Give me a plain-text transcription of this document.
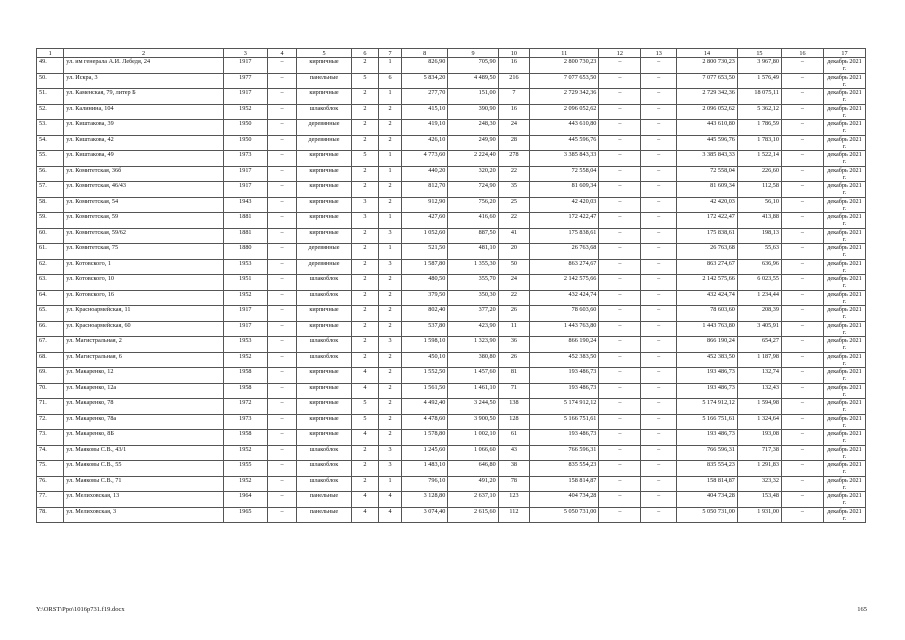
1	2	3	4	5	6	7	8	9	10	11	12	13	14	15	16	17
49.	ул. им генерала А.И. Лебедя, 24	1917	–	кирпичные	2	1	826,90	705,90	16	2 800 730,23	–	–	2 800 730,23	3 967,80	–	декабрь 2021 г.
50.	ул. Искра, 3	1977	–	панельные	5	6	5 834,20	4 489,50	216	7 077 653,50	–	–	7 077 653,50	1 576,49	–	декабрь 2021 г.
51.	ул. Каменская, 79, литер Б	1917	–	кирпичные	2	1	277,70	151,00	7	2 729 342,36	–	–	2 729 342,36	18 075,11	–	декабрь 2021 г.
52.	ул. Калинина, 104	1952	–	шлакоблок	2	2	415,10	390,90	16	2 096 052,62	–	–	2 096 052,62	5 362,12	–	декабрь 2021 г.
53.	ул. Киштакова, 39	1950	–	деревянные	2	2	419,10	248,30	24	443 610,80	–	–	443 610,80	1 786,59	–	декабрь 2021 г.
54.	ул. Киштакова, 42	1950	–	деревянные	2	2	426,10	249,90	28	445 596,76	–	–	445 596,76	1 783,10	–	декабрь 2021 г.
55.	ул. Киштакова, 49	1973	–	кирпичные	5	1	4 773,60	2 224,40	278	3 385 843,33	–	–	3 385 843,33	1 522,14	–	декабрь 2021 г.
56.	ул. Комитетская, 36б	1917	–	кирпичные	2	1	440,20	320,20	22	72 558,04	–	–	72 558,04	226,60	–	декабрь 2021 г.
57.	ул. Комитетская, 46/43	1917	–	кирпичные	2	2	812,70	724,90	35	81 609,34	–	–	81 609,34	112,58	–	декабрь 2021 г.
58.	ул. Комитетская, 54	1943	–	кирпичные	3	2	912,90	756,20	25	42 420,03	–	–	42 420,03	56,10	–	декабрь 2021 г.
59.	ул. Комитетская, 59	1881	–	кирпичные	3	1	427,60	416,60	22	172 422,47	–	–	172 422,47	413,88	–	декабрь 2021 г.
60.	ул. Комитетская, 59/62	1881	–	кирпичные	2	3	1 052,60	887,50	41	175 838,61	–	–	175 838,61	198,13	–	декабрь 2021 г.
61.	ул. Комитетская, 75	1880	–	деревянные	2	1	521,50	481,10	20	26 763,68	–	–	26 763,68	55,63	–	декабрь 2021 г.
62.	ул. Котовского, 1	1953	–	деревянные	2	3	1 587,80	1 355,30	50	863 274,67	–	–	863 274,67	636,96	–	декабрь 2021 г.
63.	ул. Котовского, 10	1951	–	шлакоблок	2	2	480,50	355,70	24	2 142 575,66	–	–	2 142 575,66	6 023,55	–	декабрь 2021 г.
64.	ул. Котовского, 16	1952	–	шлакоблок	2	2	379,50	350,30	22	432 424,74	–	–	432 424,74	1 234,44	–	декабрь 2021 г.
65.	ул. Красноармейская, 11	1917	–	кирпичные	2	2	802,40	377,20	26	78 603,60	–	–	78 603,60	208,39	–	декабрь 2021 г.
66.	ул. Красноармейская, 60	1917	–	кирпичные	2	2	537,80	423,90	11	1 443 763,80	–	–	1 443 763,80	3 405,91	–	декабрь 2021 г.
67.	ул. Магистральная, 2	1953	–	шлакоблок	2	3	1 598,10	1 323,90	36	866 190,24	–	–	866 190,24	654,27	–	декабрь 2021 г.
68.	ул. Магистральная, 6	1952	–	шлакоблок	2	2	450,10	380,80	26	452 383,50	–	–	452 383,50	1 187,98	–	декабрь 2021 г.
69.	ул. Макаренко, 12	1958	–	кирпичные	4	2	1 552,50	1 457,60	81	193 486,73	–	–	193 486,73	132,74	–	декабрь 2021 г.
70.	ул. Макаренко, 12а	1958	–	кирпичные	4	2	1 561,50	1 461,10	71	193 486,73	–	–	193 486,73	132,43	–	декабрь 2021 г.
71.	ул. Макаренко, 78	1972	–	кирпичные	5	2	4 492,40	3 244,50	138	5 174 912,12	–	–	5 174 912,12	1 594,98	–	декабрь 2021 г.
72.	ул. Макаренко, 78а	1973	–	кирпичные	5	2	4 478,60	3 900,50	128	5 166 751,61	–	–	5 166 751,61	1 324,64	–	декабрь 2021 г.
73.	ул. Макаренко, 8Б	1958	–	кирпичные	4	2	1 578,80	1 002,10	61	193 486,73	–	–	193 486,73	193,08	–	декабрь 2021 г.
74.	ул. Маяковы С.В., 43/1	1952	–	шлакоблок	2	3	1 245,60	1 066,60	43	766 596,31	–	–	766 596,31	717,38	–	декабрь 2021 г.
75.	ул. Маяковы С.В., 55	1955	–	шлакоблок	2	3	1 483,10	646,80	38	835 554,23	–	–	835 554,23	1 291,83	–	декабрь 2021 г.
76.	ул. Маяковы С.В., 71	1952	–	шлакоблок	2	1	796,10	491,20	78	158 814,87	–	–	158 814,87	323,32	–	декабрь 2021 г.
77.	ул. Мелиховская, 13	1964	–	панельные	4	4	3 128,80	2 637,10	123	404 734,28	–	–	404 734,28	153,48	–	декабрь 2021 г.
78.	ул. Мелиховская, 3	1965	–	панельные	4	4	3 074,40	2 615,60	112	5 050 731,00	–	–	5 050 731,00	1 931,00	–	декабрь 2021 г.
Y:\ORST\Ppo\1016p731.f19.docx	165
